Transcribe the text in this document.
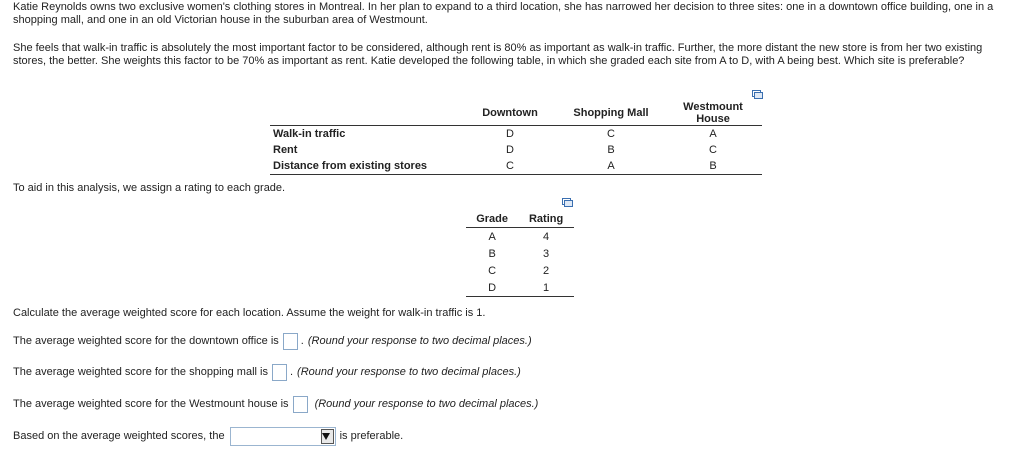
Katie Reynolds owns two exclusive women's clothing stores in Montreal. In her plan to expand to a third location, she has narrowed her decision to three sites: one in a downtown office building, one in a shopping mall, and one in an old Victorian house in the suburban area of Westmount.

She feels that walk-in traffic is absolutely the most important factor to be considered, although rent is 80% as important as walk-in traffic. Further, the more distant the new store is from her two existing stores, the better. She weights this factor to be 70% as important as rent. Katie developed the following table, in which she graded each site from A to D, with A being best. Which site is preferable?

	Downtown	Shopping Mall	Westmount House
Walk-in traffic	D	C	A
Rent	D	B	C
Distance from existing stores	C	A	B

To aid in this analysis, we assign a rating to each grade.

Grade	Rating
A	4
B	3
C	2
D	1

Calculate the average weighted score for each location. Assume the weight for walk-in traffic is 1.

The average weighted score for the downtown office is . (Round your response to two decimal places.)
The average weighted score for the shopping mall is . (Round your response to two decimal places.)
The average weighted score for the Westmount house is (Round your response to two decimal places.)
Based on the average weighted scores, the	is preferable.
